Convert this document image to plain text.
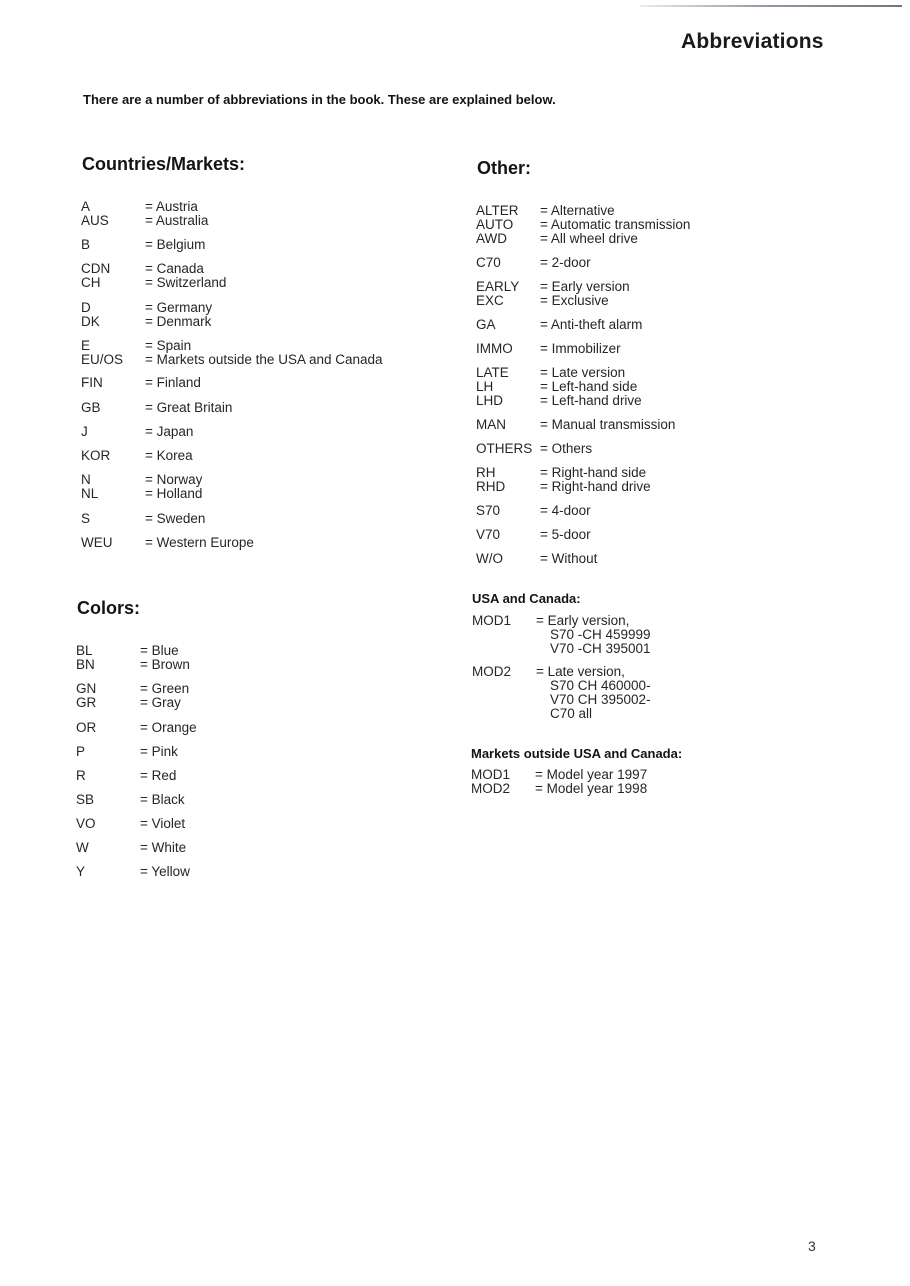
Abbreviations
There are a number of abbreviations in the book. These are explained below.
Countries/Markets:
A	= Austria
AUS	= Australia
B	= Belgium
CDN	= Canada
CH	= Switzerland
D	= Germany
DK	= Denmark
E	= Spain
EU/OS = Markets outside the USA and Canada
FIN	= Finland
GB	= Great Britain
J	= Japan
KOR	= Korea
N	= Norway
NL	= Holland
S	= Sweden
WEU = Western Europe
Colors:
BL	= Blue
BN	= Brown
GN	= Green
GR	= Gray
OR	= Orange
P	= Pink
R	= Red
SB	= Black
VO	= Violet
W	= White
Y	= Yellow
Other:
ALTER = Alternative
AUTO = Automatic transmission
AWD = All wheel drive
C70	= 2-door
EARLY = Early version
EXC	= Exclusive
GA	= Anti-theft alarm
IMMO = Immobilizer
LATE = Late version
LH	= Left-hand side
LHD	= Left-hand drive
MAN	= Manual transmission
OTHERS = Others
RH	= Right-hand side
RHD	= Right-hand drive
S70	= 4-door
V70	= 5-door
W/O	= Without
USA and Canada:
MOD1 = Early version,
S70 -CH 459999
V70 -CH 395001
MOD2 = Late version,
S70 CH 460000-
V70 CH 395002-
C70 all
Markets outside USA and Canada:
MOD1 = Model year 1997
MOD2 = Model year 1998
3
